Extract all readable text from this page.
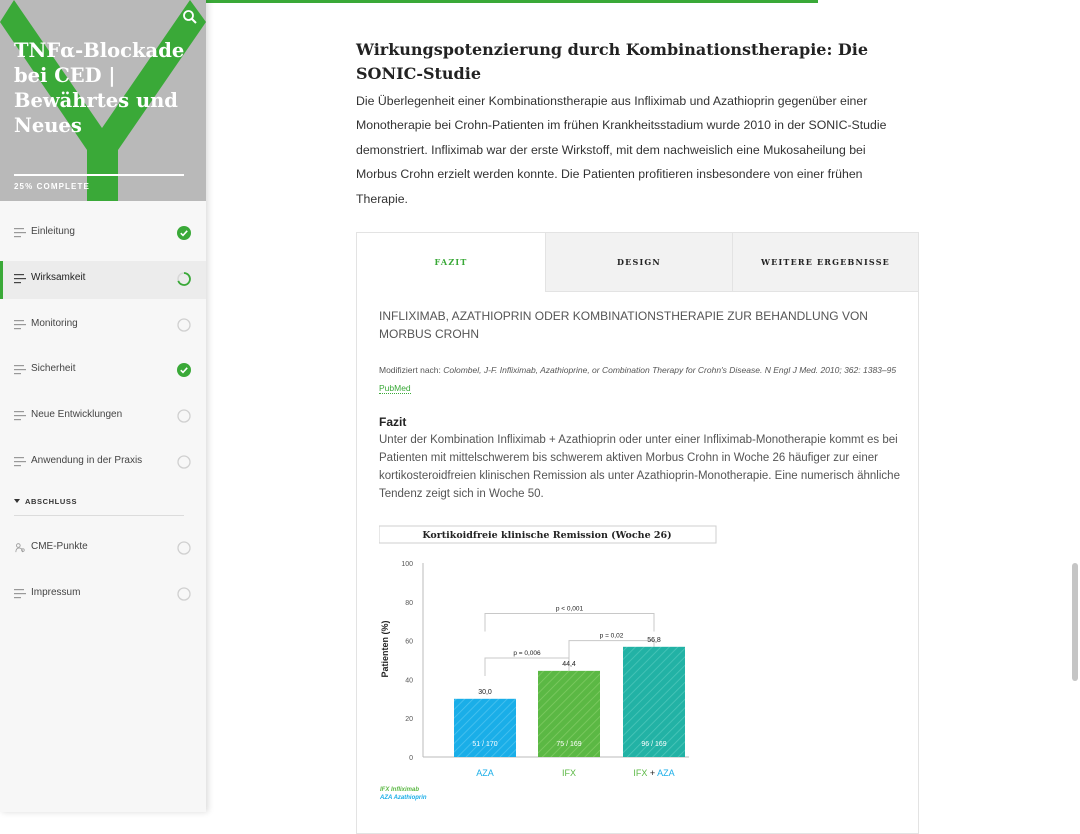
TNFα-Blockade bei CED | Bewährtes und Neues
25% COMPLETE
Einleitung
Wirksamkeit
Monitoring
Sicherheit
Neue Entwicklungen
Anwendung in der Praxis
ABSCHLUSS
CME-Punkte
Impressum
Wirkungspotenzierung durch Kombinationstherapie: Die SONIC-Studie

Die Überlegenheit einer Kombinationstherapie aus Infliximab und Azathioprin gegenüber einer Monotherapie bei Crohn-Patienten im frühen Krankheitsstadium wurde 2010 in der SONIC-Studie demonstriert. Infliximab war der erste Wirkstoff, mit dem nachweislich eine Mukosaheilung bei Morbus Crohn erzielt werden konnte. Die Patienten profitieren insbesondere von einer frühen Therapie.

FAZIT	DESIGN	WEITERE ERGEBNISSE

INFLIXIMAB, AZATHIOPRIN ODER KOMBINATIONSTHERAPIE ZUR BEHANDLUNG VON MORBUS CROHN

Modifiziert nach: Colombel, J-F. Infliximab, Azathioprine, or Combination Therapy for Crohn's Disease. N Engl J Med. 2010; 362: 1383–95 PubMed

Fazit

Unter der Kombination Infliximab + Azathioprin oder unter einer Infliximab-Monotherapie kommt es bei Patienten mit mittelschwerem bis schwerem aktiven Morbus Crohn in Woche 26 häufiger zur einer kortikosteroidfreien klinischen Remission als unter Azathioprin-Monotherapie. Eine numerisch ähnliche Tendenz zeigt sich in Woche 50.

Kortikoidfreie klinische Remission (Woche 26)
Patienten (%)
0
20
40
60
80
100
p < 0,001
p = 0,02
p = 0,006
30,0
51 / 170
44,4
75 / 169
56,8
96 / 169
AZA	IFX	IFX + AZA
IFX Infliximab
AZA Azathioprin
